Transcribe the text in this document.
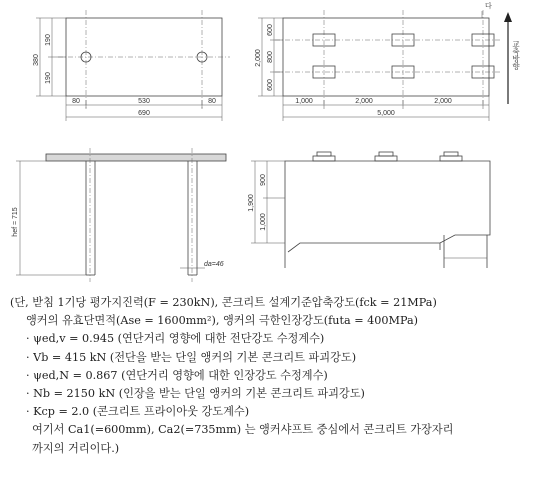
380
190
190
80	530	80
690
다
교축방향
2,000
600
800
600
1,000	2,000	2,000
5,000
hef = 715
da=46
1,900
900
1,000
(단, 받침 1기당 평가지진력(F = 230kN), 콘크리트 설계기준압축강도(fck = 21MPa)
앵커의 유효단면적(Ase = 1600mm²), 앵커의 극한인장강도(futa = 400MPa)
· ψed,v = 0.945 (연단거리 영향에 대한 전단강도 수정계수)
· Vb = 415 kN (전단을 받는 단일 앵커의 기본 콘크리트 파괴강도)
· ψed,N = 0.867 (연단거리 영향에 대한 인장강도 수정계수)
· Nb = 2150 kN (인장을 받는 단일 앵커의 기본 콘크리트 파괴강도)
· Kcp = 2.0 (콘크리트 프라이아웃 강도계수)
여기서 Ca1(=600mm), Ca2(=735mm) 는 앵커샤프트 중심에서 콘크리트 가장자리
까지의 거리이다.)
